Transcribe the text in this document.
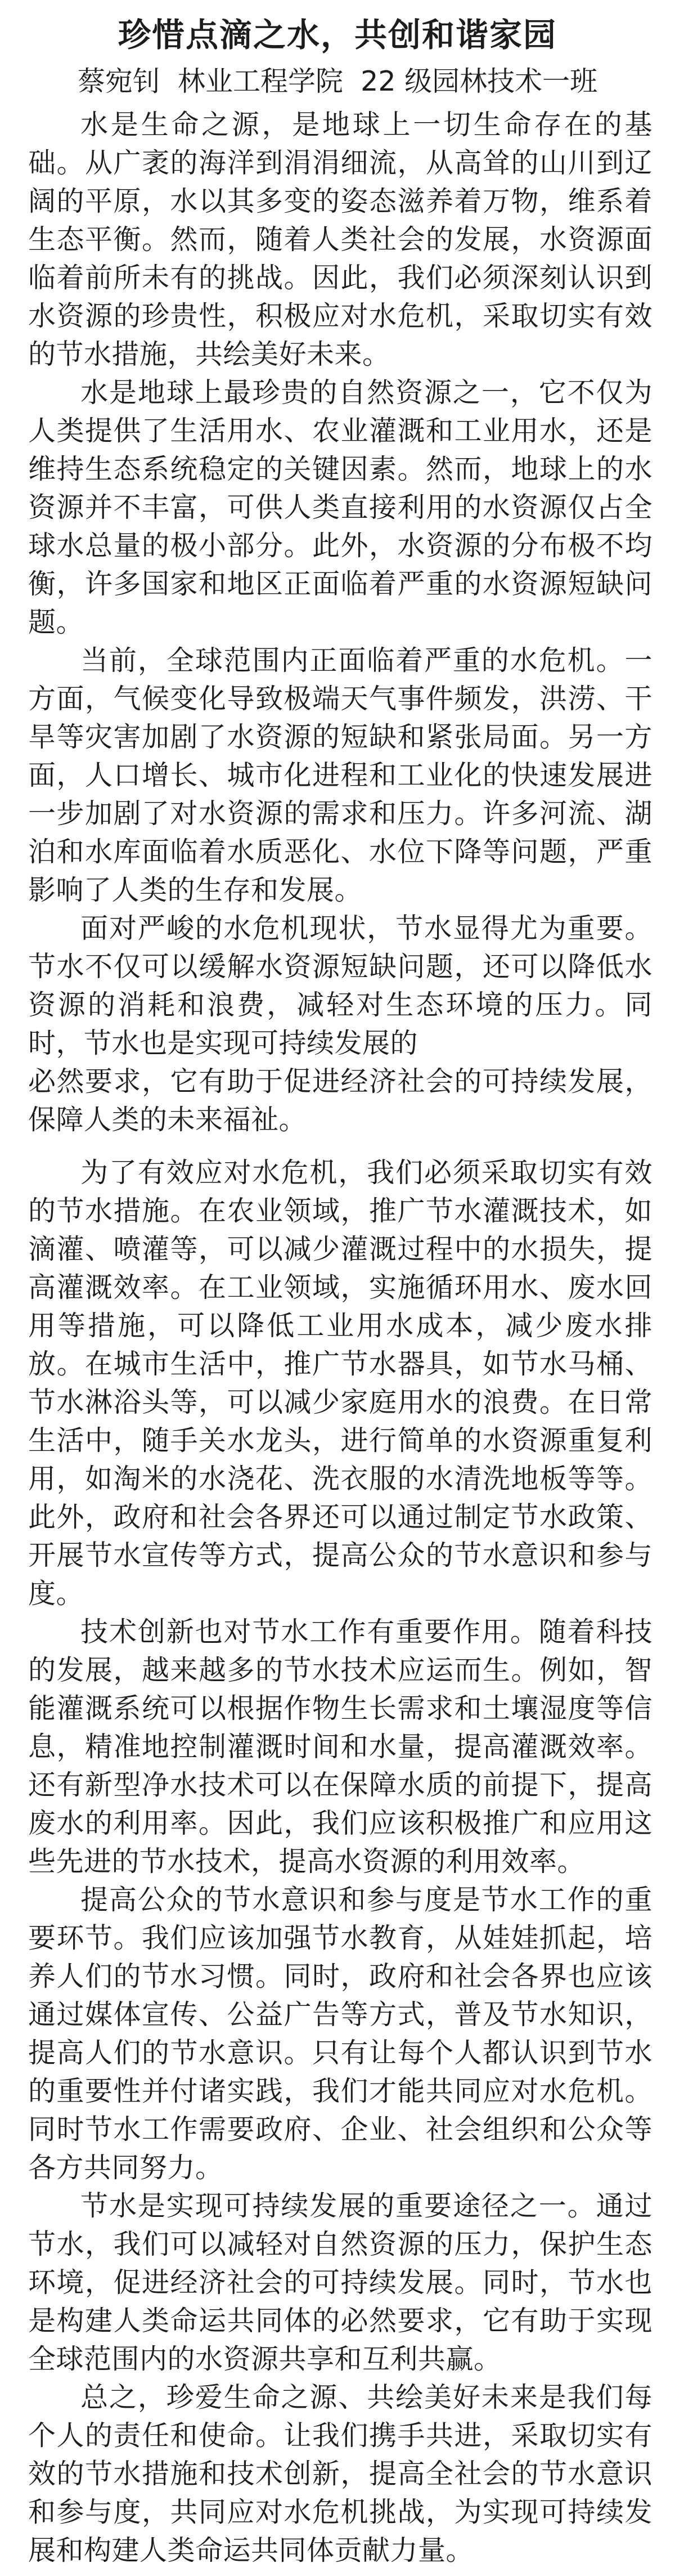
珍惜点滴之水，共创和谐家园

蔡宛钊  林业工程学院  22 级园林技术一班

水是生命之源，是地球上一切生命存在的基础。从广袤的海洋到涓涓细流，从高耸的山川到辽阔的平原，水以其多变的姿态滋养着万物，维系着生态平衡。然而，随着人类社会的发展，水资源面临着前所未有的挑战。因此，我们必须深刻认识到水资源的珍贵性，积极应对水危机，采取切实有效的节水措施，共绘美好未来。

水是地球上最珍贵的自然资源之一，它不仅为人类提供了生活用水、农业灌溉和工业用水，还是维持生态系统稳定的关键因素。然而，地球上的水资源并不丰富，可供人类直接利用的水资源仅占全球水总量的极小部分。此外，水资源的分布极不均衡，许多国家和地区正面临着严重的水资源短缺问题。

当前，全球范围内正面临着严重的水危机。一方面，气候变化导致极端天气事件频发，洪涝、干旱等灾害加剧了水资源的短缺和紧张局面。另一方面，人口增长、城市化进程和工业化的快速发展进一步加剧了对水资源的需求和压力。许多河流、湖泊和水库面临着水质恶化、水位下降等问题，严重影响了人类的生存和发展。

面对严峻的水危机现状，节水显得尤为重要。节水不仅可以缓解水资源短缺问题，还可以降低水资源的消耗和浪费，减轻对生态环境的压力。同时，节水也是实现可持续发展的

必然要求，它有助于促进经济社会的可持续发展，保障人类的未来福祉。

为了有效应对水危机，我们必须采取切实有效的节水措施。在农业领域，推广节水灌溉技术，如滴灌、喷灌等，可以减少灌溉过程中的水损失，提高灌溉效率。在工业领域，实施循环用水、废水回用等措施，可以降低工业用水成本，减少废水排放。在城市生活中，推广节水器具，如节水马桶、节水淋浴头等，可以减少家庭用水的浪费。在日常生活中，随手关水龙头，进行简单的水资源重复利用，如淘米的水浇花、洗衣服的水清洗地板等等。此外，政府和社会各界还可以通过制定节水政策、开展节水宣传等方式，提高公众的节水意识和参与度。

技术创新也对节水工作有重要作用。随着科技的发展，越来越多的节水技术应运而生。例如，智能灌溉系统可以根据作物生长需求和土壤湿度等信息，精准地控制灌溉时间和水量，提高灌溉效率。还有新型净水技术可以在保障水质的前提下，提高废水的利用率。因此，我们应该积极推广和应用这些先进的节水技术，提高水资源的利用效率。

提高公众的节水意识和参与度是节水工作的重要环节。我们应该加强节水教育，从娃娃抓起，培养人们的节水习惯。同时，政府和社会各界也应该通过媒体宣传、公益广告等方式，普及节水知识，提高人们的节水意识。只有让每个人都认识到节水的重要性并付诸实践，我们才能共同应对水危机。同时节水工作需要政府、企业、社会组织和公众等各方共同努力。

节水是实现可持续发展的重要途径之一。通过节水，我们可以减轻对自然资源的压力，保护生态环境，促进经济社会的可持续发展。同时，节水也是构建人类命运共同体的必然要求，它有助于实现全球范围内的水资源共享和互利共赢。

总之，珍爱生命之源、共绘美好未来是我们每个人的责任和使命。让我们携手共进，采取切实有效的节水措施和技术创新，提高全社会的节水意识和参与度，共同应对水危机挑战，为实现可持续发展和构建人类命运共同体贡献力量。
